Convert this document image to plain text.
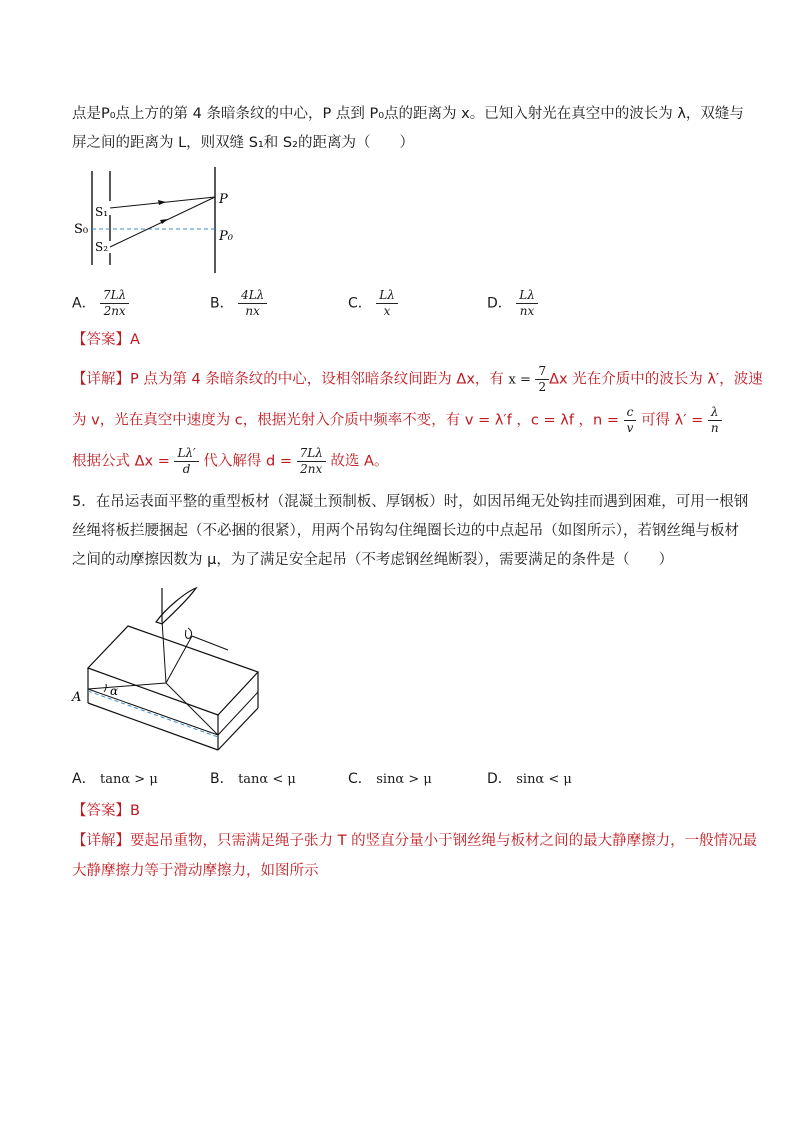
点是P₀点上方的第 4 条暗条纹的中心，P 点到 P₀点的距离为 x。已知入射光在真空中的波长为 λ，双缝与
屏之间的距离为 L，则双缝 S₁和 S₂的距离为（　　）
S₀
S₁
S₂
P
P₀
A． $\frac{7L\lambda}{2nx}$	B． $\frac{4L\lambda}{nx}$	C． $\frac{L\lambda}{x}$	D． $\frac{L\lambda}{nx}$
【答案】A
【详解】P 点为第 4 条暗条纹的中心，设相邻暗条纹间距为 Δx，有 $x = \frac{7}{2}$ Δx 光在介质中的波长为 λ′，波速
为 v，光在真空中速度为 c，根据光射入介质中频率不变，有 v = λ′f ，c = λf ，$n = \frac{c}{v}$ 可得 $\lambda' = \frac{\lambda}{n}$
根据公式 $\Delta x = \frac{L\lambda'}{d}$ 代入解得 $d = \frac{7L\lambda}{2nx}$ 故选 A。
5．在吊运表面平整的重型板材（混凝土预制板、厚钢板）时，如因吊绳无处钩挂而遇到困难，可用一根钢
丝绳将板拦腰捆起（不必捆的很紧），用两个吊钩勾住绳圈长边的中点起吊（如图所示），若钢丝绳与板材
之间的动摩擦因数为 μ，为了满足安全起吊（不考虑钢丝绳断裂），需要满足的条件是（　　）
A α
A． tanα > μ	B． tanα < μ	C． sinα > μ	D． sinα < μ
【答案】B
【详解】要起吊重物，只需满足绳子张力 T 的竖直分量小于钢丝绳与板材之间的最大静摩擦力，一般情况最
大静摩擦力等于滑动摩擦力，如图所示
